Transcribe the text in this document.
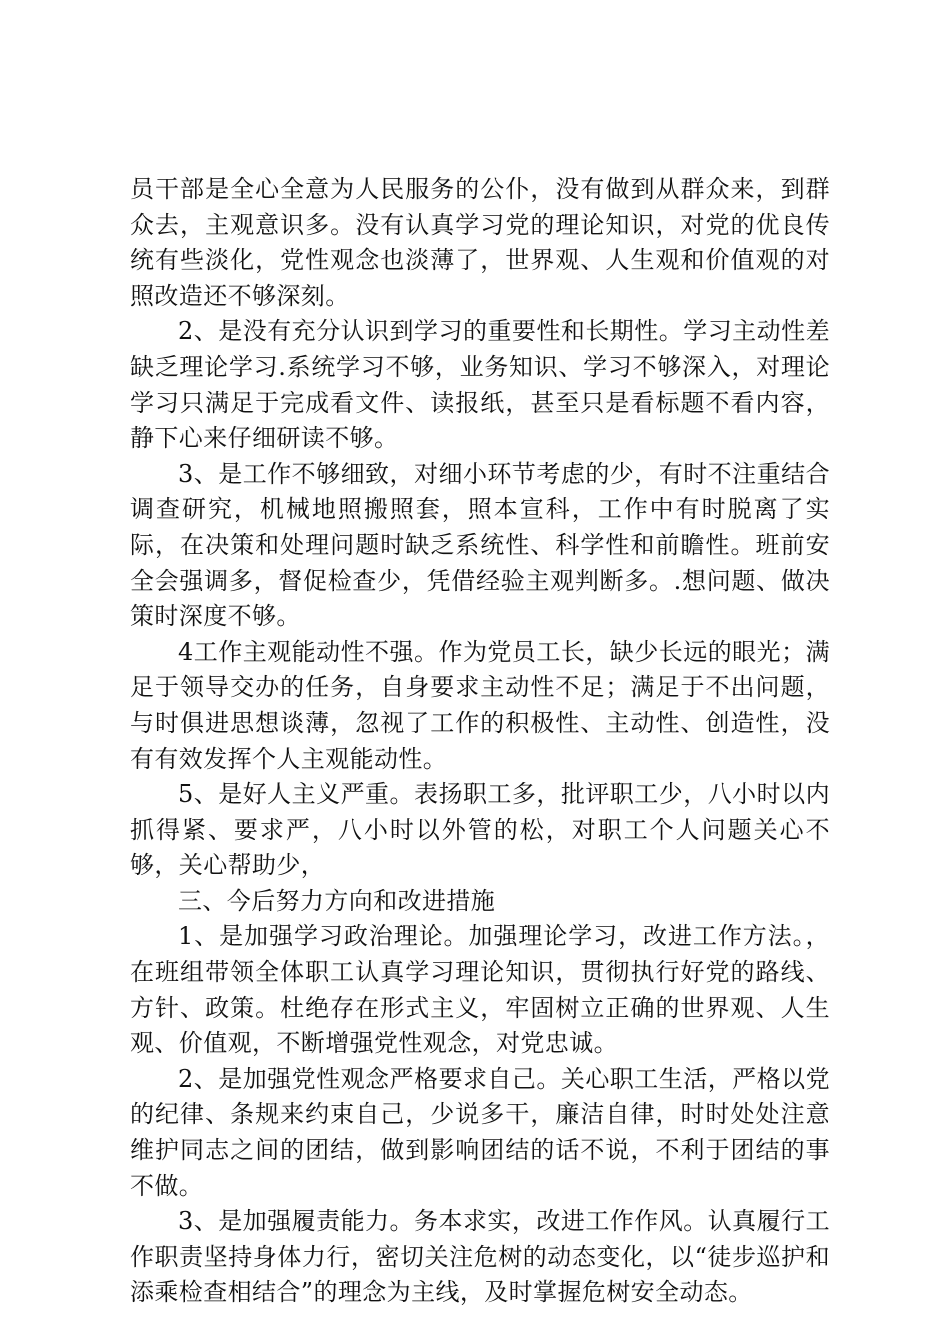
员干部是全心全意为人民服务的公仆，没有做到从群众来，到群众去，主观意识多。没有认真学习党的理论知识，对党的优良传统有些淡化，党性观念也淡薄了，世界观、人生观和价值观的对照改造还不够深刻。

2、是没有充分认识到学习的重要性和长期性。学习主动性差缺乏理论学习.系统学习不够，业务知识、学习不够深入，对理论学习只满足于完成看文件、读报纸，甚至只是看标题不看内容，静下心来仔细研读不够。

3、是工作不够细致，对细小环节考虑的少，有时不注重结合调查研究，机械地照搬照套，照本宣科，工作中有时脱离了实际，在决策和处理问题时缺乏系统性、科学性和前瞻性。班前安全会强调多，督促检查少，凭借经验主观判断多。.想问题、做决策时深度不够。

4工作主观能动性不强。作为党员工长，缺少长远的眼光；满足于领导交办的任务，自身要求主动性不足；满足于不出问题，与时俱进思想谈薄，忽视了工作的积极性、主动性、创造性，没有有效发挥个人主观能动性。

5、是好人主义严重。表扬职工多，批评职工少，八小时以内抓得紧、要求严，八小时以外管的松，对职工个人问题关心不够，关心帮助少，

三、今后努力方向和改进措施

1、是加强学习政治理论。加强理论学习，改进工作方法。，在班组带领全体职工认真学习理论知识，贯彻执行好党的路线、方针、政策。杜绝存在形式主义，牢固树立正确的世界观、人生观、价值观，不断增强党性观念，对党忠诚。

2、是加强党性观念严格要求自己。关心职工生活，严格以党的纪律、条规来约束自己，少说多干，廉洁自律，时时处处注意维护同志之间的团结，做到影响团结的话不说，不利于团结的事不做。

3、是加强履责能力。务本求实，改进工作作风。认真履行工作职责坚持身体力行，密切关注危树的动态变化，以“徒步巡护和添乘检查相结合”的理念为主线，及时掌握危树安全动态。
